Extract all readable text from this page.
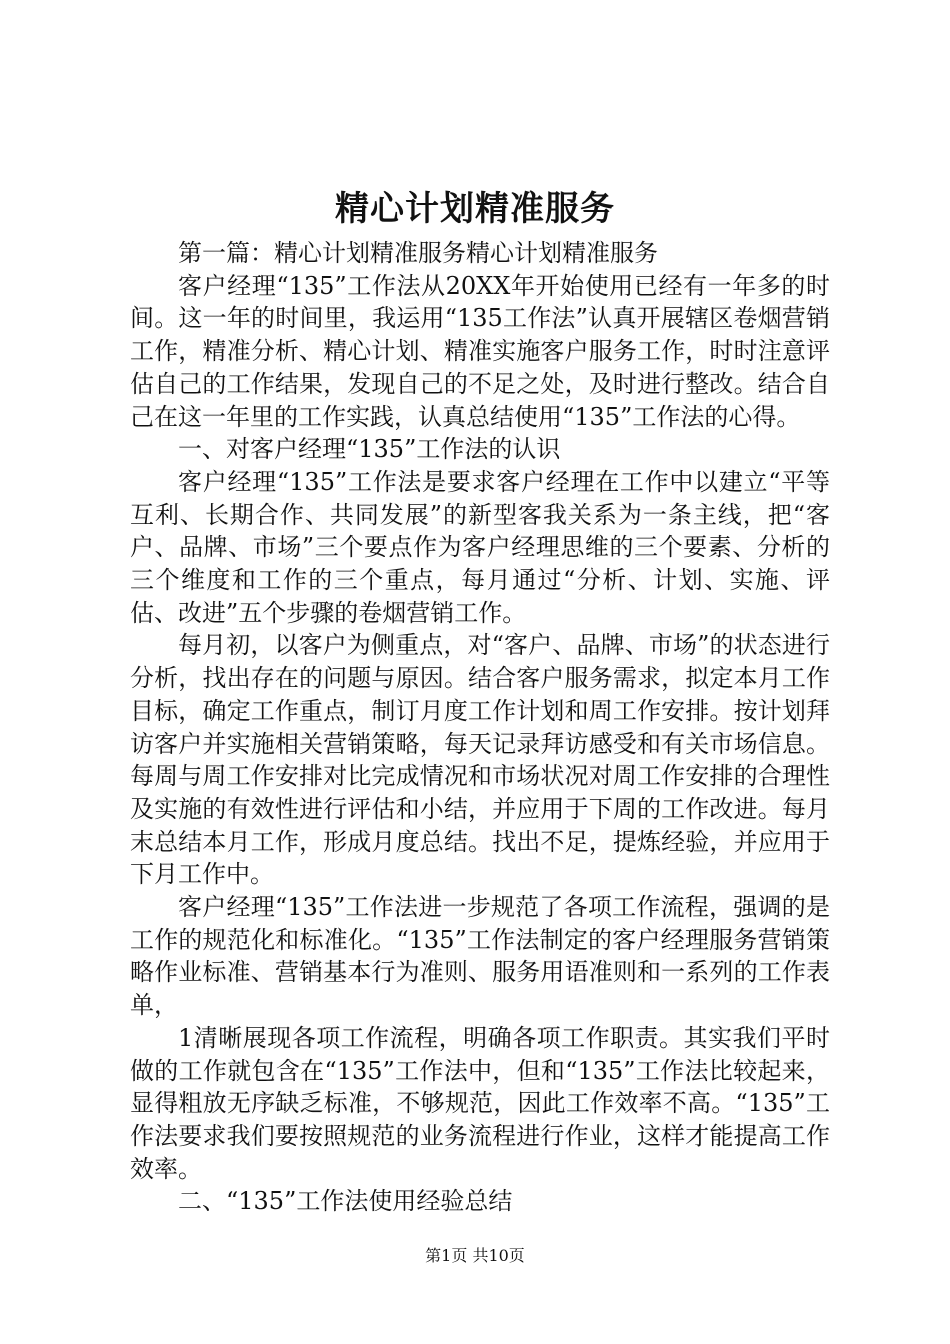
精心计划精准服务

第一篇：精心计划精准服务精心计划精准服务

客户经理“135”工作法从20XX年开始使用已经有一年多的时间。这一年的时间里，我运用“135工作法”认真开展辖区卷烟营销工作，精准分析、精心计划、精准实施客户服务工作，时时注意评估自己的工作结果，发现自己的不足之处，及时进行整改。结合自己在这一年里的工作实践，认真总结使用“135”工作法的心得。

一、对客户经理“135”工作法的认识

客户经理“135”工作法是要求客户经理在工作中以建立“平等互利、长期合作、共同发展”的新型客我关系为一条主线，把“客户、品牌、市场”三个要点作为客户经理思维的三个要素、分析的三个维度和工作的三个重点，每月通过“分析、计划、实施、评估、改进”五个步骤的卷烟营销工作。

每月初，以客户为侧重点，对“客户、品牌、市场”的状态进行分析，找出存在的问题与原因。结合客户服务需求，拟定本月工作目标，确定工作重点，制订月度工作计划和周工作安排。按计划拜访客户并实施相关营销策略，每天记录拜访感受和有关市场信息。每周与周工作安排对比完成情况和市场状况对周工作安排的合理性及实施的有效性进行评估和小结，并应用于下周的工作改进。每月末总结本月工作，形成月度总结。找出不足，提炼经验，并应用于下月工作中。

客户经理“135”工作法进一步规范了各项工作流程，强调的是工作的规范化和标准化。“135”工作法制定的客户经理服务营销策略作业标准、营销基本行为准则、服务用语准则和一系列的工作表单，

1清晰展现各项工作流程，明确各项工作职责。其实我们平时做的工作就包含在“135”工作法中，但和“135”工作法比较起来，显得粗放无序缺乏标准，不够规范，因此工作效率不高。“135”工作法要求我们要按照规范的业务流程进行作业，这样才能提高工作效率。

二、“135”工作法使用经验总结

第1页 共10页
